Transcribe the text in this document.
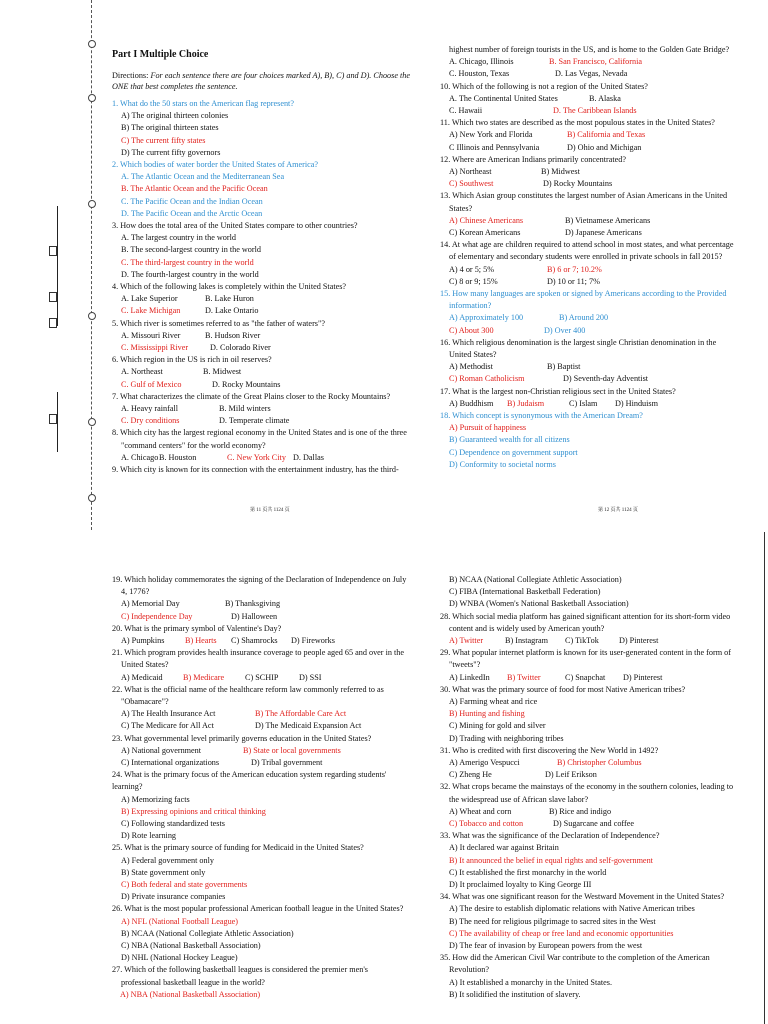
Part I Multiple Choice
Directions: For each sentence there are four choices marked A), B), C) and D). Choose the ONE that best completes the sentence.
1. What do the 50 stars on the American flag represent?
A) The original thirteen colonies
B) The original thirteen states
C) The current fifty states
D) The current fifty governors
2. Which bodies of water border the United States of America?
A. The Atlantic Ocean and the Mediterranean Sea
B. The Atlantic Ocean and the Pacific Ocean
C. The Pacific Ocean and the Indian Ocean
D. The Pacific Ocean and the Arctic Ocean
3. How does the total area of the United States compare to other countries?
A. The largest country in the world
B. The second-largest country in the world
C. The third-largest country in the world
D. The fourth-largest country in the world
4. Which of the following lakes is completely within the United States?
A. Lake Superior	B. Lake Huron
C. Lake Michigan	D. Lake Ontario
5. Which river is sometimes referred to as "the father of waters"?
A. Missouri River	B. Hudson River
C. Mississippi River	D. Colorado River
6. Which region in the US is rich in oil reserves?
A. Northeast	B. Midwest
C. Gulf of Mexico	D. Rocky Mountains
7. What characterizes the climate of the Great Plains closer to the Rocky Mountains?
A. Heavy rainfall	B. Mild winters
C. Dry conditions	D. Temperate climate
8. Which city has the largest regional economy in the United States and is one of the three
"command centers" for the world economy?
A. Chicago B. Houston	C. New York City D. Dallas
9. Which city is known for its connection with the entertainment industry, has the third-
highest number of foreign tourists in the US, and is home to the Golden Gate Bridge?
A. Chicago, Illinois	B. San Francisco, California
C. Houston, Texas	D. Las Vegas, Nevada
10. Which of the following is not a region of the United States?
A. The Continental United States	B. Alaska
C. Hawaii	D. The Caribbean Islands
11. Which two states are described as the most populous states in the United States?
A) New York and Florida	B) California and Texas
C Illinois and Pennsylvania	D) Ohio and Michigan
12. Where are American Indians primarily concentrated?
A) Northeast	B) Midwest
C) Southwest	D) Rocky Mountains
13. Which Asian group constitutes the largest number of Asian Americans in the United
States?
A) Chinese Americans	B) Vietnamese Americans
C) Korean Americans	D) Japanese Americans
14. At what age are children required to attend school in most states, and what percentage
of elementary and secondary students were enrolled in private schools in fall 2015?
A) 4 or 5; 5%	B) 6 or 7; 10.2%
C) 8 or 9; 15%	D) 10 or 11; 7%
15. How many languages are spoken or signed by Americans according to the Provided
information?
A) Approximately 100	B) Around 200
C) About 300	D) Over 400
16. Which religious denomination is the largest single Christian denomination in the
United States?
A) Methodist	B) Baptist
C) Roman Catholicism	D) Seventh-day Adventist
17. What is the largest non-Christian religious sect in the United States?
A) Buddhism B) Judaism	C) Islam D) Hinduism
18. Which concept is synonymous with the American Dream?
A) Pursuit of happiness
B) Guaranteed wealth for all citizens
C) Dependence on government support
D) Conformity to societal norms
第 11 页共 1124 页	第 12 页共 1124 页
19. Which holiday commemorates the signing of the Declaration of Independence on July
4, 1776?
A) Memorial Day	B) Thanksgiving
C) Independence Day	D) Halloween
20. What is the primary symbol of Valentine's Day?
A) Pumpkins	B) Hearts C) Shamrocks D) Fireworks
21. Which program provides health insurance coverage to people aged 65 and over in the
United States?
A) Medicaid B) Medicare	C) SCHIP	D) SSI
22. What is the official name of the healthcare reform law commonly referred to as
"Obamacare"?
A) The Health Insurance Act	B) The Affordable Care Act
C) The Medicare for All Act	D) The Medicaid Expansion Act
23. What governmental level primarily governs education in the United States?
A) National government	B) State or local governments
C) International organizations	D) Tribal government
24. What is the primary focus of the American education system regarding students'
learning?
A) Memorizing facts
B) Expressing opinions and critical thinking
C) Following standardized tests
D) Rote learning
25. What is the primary source of funding for Medicaid in the United States?
A) Federal government only
B) State government only
C) Both federal and state governments
D) Private insurance companies
26. What is the most popular professional American football league in the United States?
A) NFL (National Football League)
B) NCAA (National Collegiate Athletic Association)
C) NBA (National Basketball Association)
D) NHL (National Hockey League)
27. Which of the following basketball leagues is considered the premier men's
professional basketball league in the world?
A) NBA (National Basketball Association)
B) NCAA (National Collegiate Athletic Association)
C) FIBA (International Basketball Federation)
D) WNBA (Women's National Basketball Association)
28. Which social media platform has gained significant attention for its short-form video
content and is widely used by American youth?
A) Twitter	B) Instagram C) TikTok D) Pinterest
29. What popular internet platform is known for its user-generated content in the form of
"tweets"?
A) LinkedIn B) Twitter	C) Snapchat D) Pinterest
30. What was the primary source of food for most Native American tribes?
A) Farming wheat and rice
B) Hunting and fishing
C) Mining for gold and silver
D) Trading with neighboring tribes
31. Who is credited with first discovering the New World in 1492?
A) Amerigo Vespucci	B) Christopher Columbus
C) Zheng He	D) Leif Erikson
32. What crops became the mainstays of the economy in the southern colonies, leading to
the widespread use of African slave labor?
A) Wheat and corn	B) Rice and indigo
C) Tobacco and cotton	D) Sugarcane and coffee
33. What was the significance of the Declaration of Independence?
A) It declared war against Britain
B) It announced the belief in equal rights and self-government
C) It established the first monarchy in the world
D) It proclaimed loyalty to King George III
34. What was one significant reason for the Westward Movement in the United States?
A) The desire to establish diplomatic relations with Native American tribes
B) The need for religious pilgrimage to sacred sites in the West
C) The availability of cheap or free land and economic opportunities
D) The fear of invasion by European powers from the west
35. How did the American Civil War contribute to the completion of the American
Revolution?
A) It established a monarchy in the United States.
B) It solidified the institution of slavery.
